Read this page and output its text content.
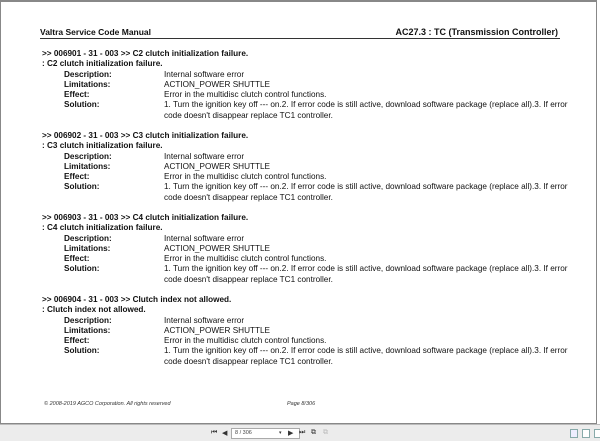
Valtra Service Code Manual	AC27.3 : TC (Transmission Controller)
>> 006901 - 31 - 003 >> C2 clutch initialization failure.
: C2 clutch initialization failure.
Description:	Internal software error
Limitations:	ACTION_POWER SHUTTLE
Effect:	Error in the multidisc clutch control functions.
Solution:	1. Turn the ignition key off --- on.2. If error code is still active, download software package (replace all).3. If error code doesn't disappear replace TC1 controller.
>> 006902 - 31 - 003 >> C3 clutch initialization failure.
: C3 clutch initialization failure.
Description:	Internal software error
Limitations:	ACTION_POWER SHUTTLE
Effect:	Error in the multidisc clutch control functions.
Solution:	1. Turn the ignition key off --- on.2. If error code is still active, download software package (replace all).3. If error code doesn't disappear replace TC1 controller.
>> 006903 - 31 - 003 >> C4 clutch initialization failure.
: C4 clutch initialization failure.
Description:	Internal software error
Limitations:	ACTION_POWER SHUTTLE
Effect:	Error in the multidisc clutch control functions.
Solution:	1. Turn the ignition key off --- on.2. If error code is still active, download software package (replace all).3. If error code doesn't disappear replace TC1 controller.
>> 006904 - 31 - 003 >> Clutch index not allowed.
: Clutch index not allowed.
Description:	Internal software error
Limitations:	ACTION_POWER SHUTTLE
Effect:	Error in the multidisc clutch control functions.
Solution:	1. Turn the ignition key off --- on.2. If error code is still active, download software package (replace all).3. If error code doesn't disappear replace TC1 controller.
© 2008-2019 AGCO Corporation. All rights reserved	Page 8/306
⏮ ◀	8 / 306	▾ ▶ ⏭ ⧉ ⧉
